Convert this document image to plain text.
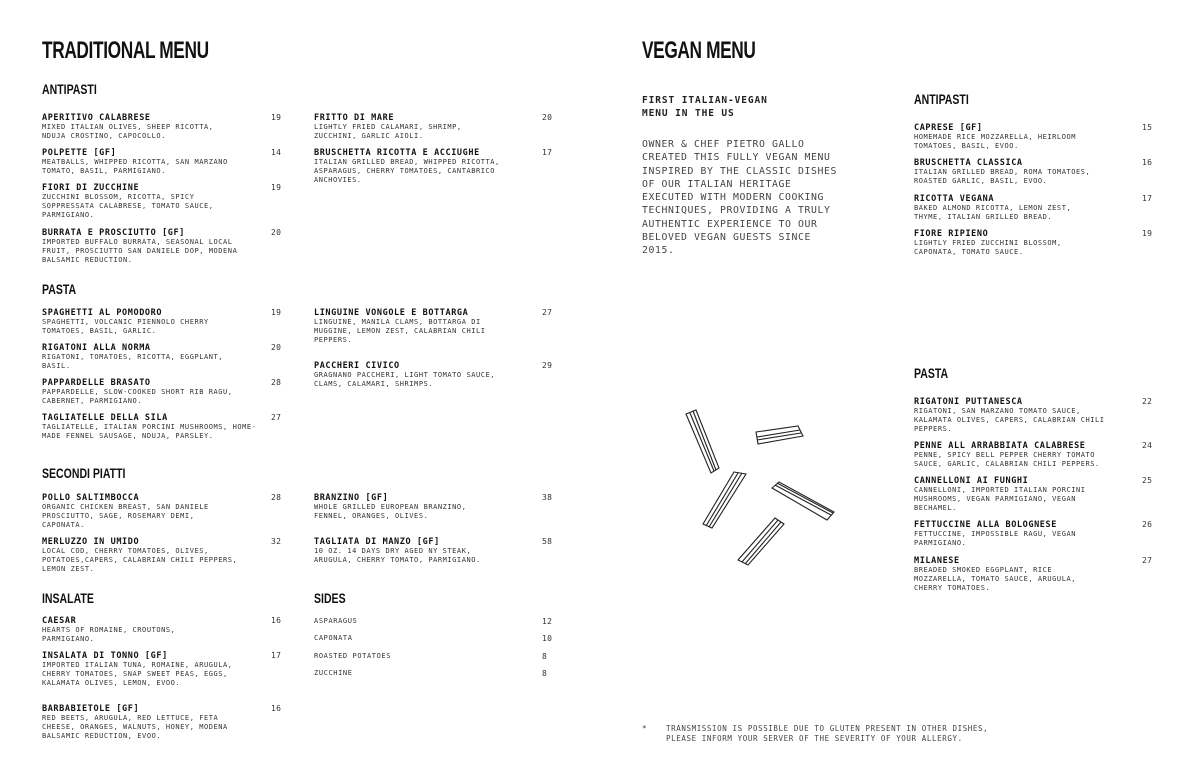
TRADITIONAL MENU
ANTIPASTI
APERITIVO CALABRESE
MIXED ITALIAN OLIVES, SHEEP RICOTTA, NDUJA CROSTINO, CAPOCOLLO.
19
POLPETTE [GF]
MEATBALLS, WHIPPED RICOTTA, SAN MARZANO TOMATO, BASIL, PARMIGIANO.
14
FIORI DI ZUCCHINE
ZUCCHINI BLOSSOM, RICOTTA, SPICY SOPPRESSATA CALABRESE, TOMATO SAUCE, PARMIGIANO.
19
BURRATA E PROSCIUTTO [GF]
IMPORTED BUFFALO BURRATA, SEASONAL LOCAL FRUIT, PROSCIUTTO SAN DANIELE DOP, MODENA BALSAMIC REDUCTION.
20
FRITTO DI MARE
LIGHTLY FRIED CALAMARI, SHRIMP, ZUCCHINI, GARLIC AIOLI.
20
BRUSCHETTA RICOTTA E ACCIUGHE
ITALIAN GRILLED BREAD, WHIPPED RICOTTA, ASPARAGUS, CHERRY TOMATOES, CANTABRICO ANCHOVIES.
17
PASTA
SPAGHETTI AL POMODORO
SPAGHETTI, VOLCANIC PIENNOLO CHERRY TOMATOES, BASIL, GARLIC.
19
RIGATONI ALLA NORMA
RIGATONI, TOMATOES, RICOTTA, EGGPLANT, BASIL.
20
PAPPARDELLE BRASATO
PAPPARDELLE, SLOW-COOKED SHORT RIB RAGU, CABERNET, PARMIGIANO.
28
TAGLIATELLE DELLA SILA
TAGLIATELLE, ITALIAN PORCINI MUSHROOMS, HOME-MADE FENNEL SAUSAGE, NDUJA, PARSLEY.
27
LINGUINE VONGOLE E BOTTARGA
LINGUINE, MANILA CLAMS, BOTTARGA DI MUGGINE, LEMON ZEST, CALABRIAN CHILI PEPPERS.
27
PACCHERI CIVICO
GRAGNANO PACCHERI, LIGHT TOMATO SAUCE, CLAMS, CALAMARI, SHRIMPS.
29
SECONDI PIATTI
POLLO SALTIMBOCCA
ORGANIC CHICKEN BREAST, SAN DANIELE PROSCIUTTO, SAGE, ROSEMARY DEMI, CAPONATA.
28
MERLUZZO IN UMIDO
LOCAL COD, CHERRY TOMATOES, OLIVES, POTATOES,CAPERS, CALABRIAN CHILI PEPPERS, LEMON ZEST.
32
BRANZINO [GF]
WHOLE GRILLED EUROPEAN BRANZINO, FENNEL, ORANGES, OLIVES.
38
TAGLIATA DI MANZO [GF]
10 OZ. 14 DAYS DRY AGED NY STEAK, ARUGULA, CHERRY TOMATO, PARMIGIANO.
58
INSALATE
CAESAR
HEARTS OF ROMAINE, CROUTONS, PARMIGIANO.
16
INSALATA DI TONNO [GF]
IMPORTED ITALIAN TUNA, ROMAINE, ARUGULA, CHERRY TOMATOES, SNAP SWEET PEAS, EGGS, KALAMATA OLIVES, LEMON, EVOO.
17
BARBABIETOLE [GF]
RED BEETS, ARUGULA, RED LETTUCE, FETA CHEESE, ORANGES, WALNUTS, HONEY, MODENA BALSAMIC REDUCTION, EVOO.
16
SIDES
ASPARAGUS	12
CAPONATA	10
ROASTED POTATOES	8
ZUCCHINE	8
VEGAN MENU
FIRST ITALIAN-VEGAN MENU IN THE US
OWNER & CHEF PIETRO GALLO CREATED THIS FULLY VEGAN MENU INSPIRED BY THE CLASSIC DISHES OF OUR ITALIAN HERITAGE EXECUTED WITH MODERN COOKING TECHNIQUES, PROVIDING A TRULY AUTHENTIC EXPERIENCE TO OUR BELOVED VEGAN GUESTS SINCE 2015.
ANTIPASTI
CAPRESE [GF]
HOMEMADE RICE MOZZARELLA, HEIRLOOM TOMATOES, BASIL, EVOO.
15
BRUSCHETTA CLASSICA
ITALIAN GRILLED BREAD, ROMA TOMATOES, ROASTED GARLIC, BASIL, EVOO.
16
RICOTTA VEGANA
BAKED ALMOND RICOTTA, LEMON ZEST, THYME, ITALIAN GRILLED BREAD.
17
FIORE RIPIENO
LIGHTLY FRIED ZUCCHINI BLOSSOM, CAPONATA, TOMATO SAUCE.
19
PASTA
RIGATONI PUTTANESCA
RIGATONI, SAN MARZANO TOMATO SAUCE, KALAMATA OLIVES, CAPERS, CALABRIAN CHILI PEPPERS.
22
PENNE ALL ARRABBIATA CALABRESE
PENNE, SPICY BELL PEPPER CHERRY TOMATO SAUCE, GARLIC, CALABRIAN CHILI PEPPERS.
24
CANNELLONI AI FUNGHI
CANNELLONI, IMPORTED ITALIAN PORCINI MUSHROOMS, VEGAN PARMIGIANO, VEGAN BECHAMEL.
25
FETTUCCINE ALLA BOLOGNESE
FETTUCCINE, IMPOSSIBLE RAGU, VEGAN PARMIGIANO.
26
MILANESE
BREADED SMOKED EGGPLANT, RICE MOZZARELLA, TOMATO SAUCE, ARUGULA, CHERRY TOMATOES.
27
*	TRANSMISSION IS POSSIBLE DUE TO GLUTEN PRESENT IN OTHER DISHES, PLEASE INFORM YOUR SERVER OF THE SEVERITY OF YOUR ALLERGY.
